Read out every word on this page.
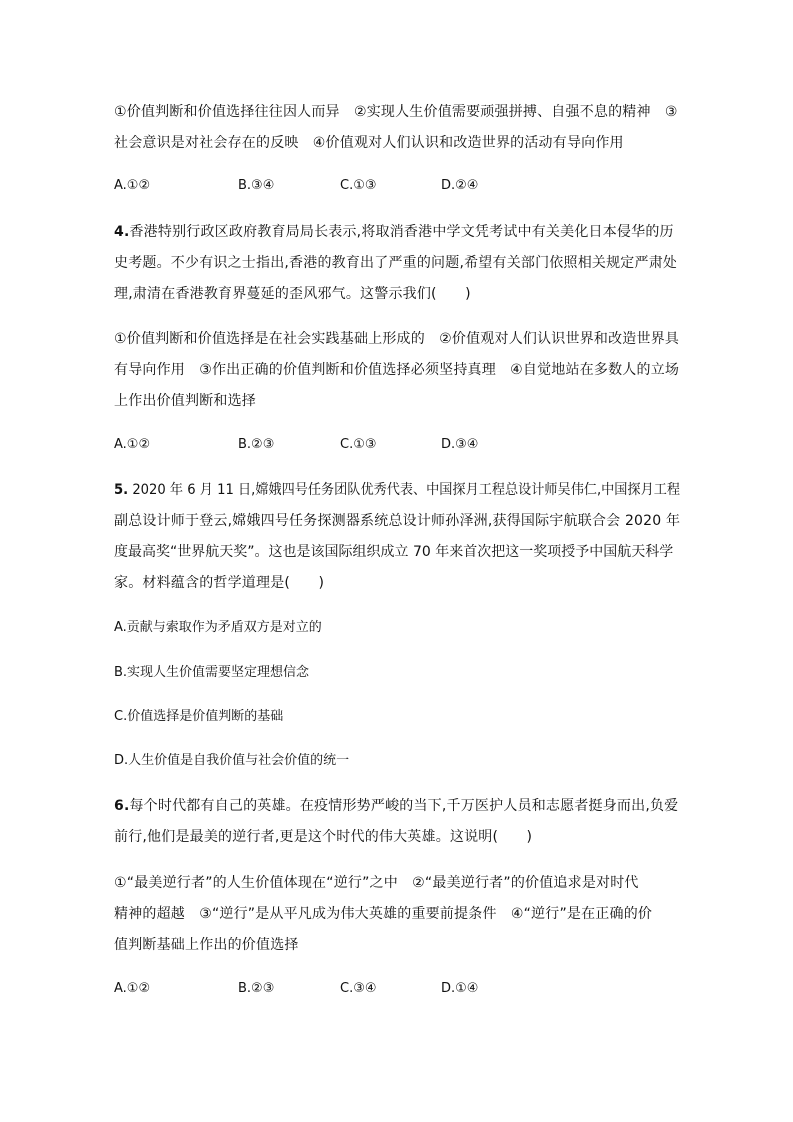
①价值判断和价值选择往往因人而异　②实现人生价值需要顽强拼搏、自强不息的精神　③
社会意识是对社会存在的反映　④价值观对人们认识和改造世界的活动有导向作用
A.①②	B.③④	C.①③	D.②④
4.香港特别行政区政府教育局局长表示,将取消香港中学文凭考试中有关美化日本侵华的历
史考题。不少有识之士指出,香港的教育出了严重的问题,希望有关部门依照相关规定严肃处
理,肃清在香港教育界蔓延的歪风邪气。这警示我们(　　)
①价值判断和价值选择是在社会实践基础上形成的　②价值观对人们认识世界和改造世界具
有导向作用　③作出正确的价值判断和价值选择必须坚持真理　④自觉地站在多数人的立场
上作出价值判断和选择
A.①②	B.②③	C.①③	D.③④
5. 2020 年 6 月 11 日,嫦娥四号任务团队优秀代表、中国探月工程总设计师吴伟仁,中国探月工程
副总设计师于登云,嫦娥四号任务探测器系统总设计师孙泽洲,获得国际宇航联合会 2020 年
度最高奖“世界航天奖”。这也是该国际组织成立 70 年来首次把这一奖项授予中国航天科学
家。材料蕴含的哲学道理是(　　)
A.贡献与索取作为矛盾双方是对立的
B.实现人生价值需要坚定理想信念
C.价值选择是价值判断的基础
D.人生价值是自我价值与社会价值的统一
6.每个时代都有自己的英雄。在疫情形势严峻的当下,千万医护人员和志愿者挺身而出,负爱
前行,他们是最美的逆行者,更是这个时代的伟大英雄。这说明(　　)
①“最美逆行者”的人生价值体现在“逆行”之中　②“最美逆行者”的价值追求是对时代
精神的超越　③“逆行”是从平凡成为伟大英雄的重要前提条件　④“逆行”是在正确的价
值判断基础上作出的价值选择
A.①②	B.②③	C.③④	D.①④
